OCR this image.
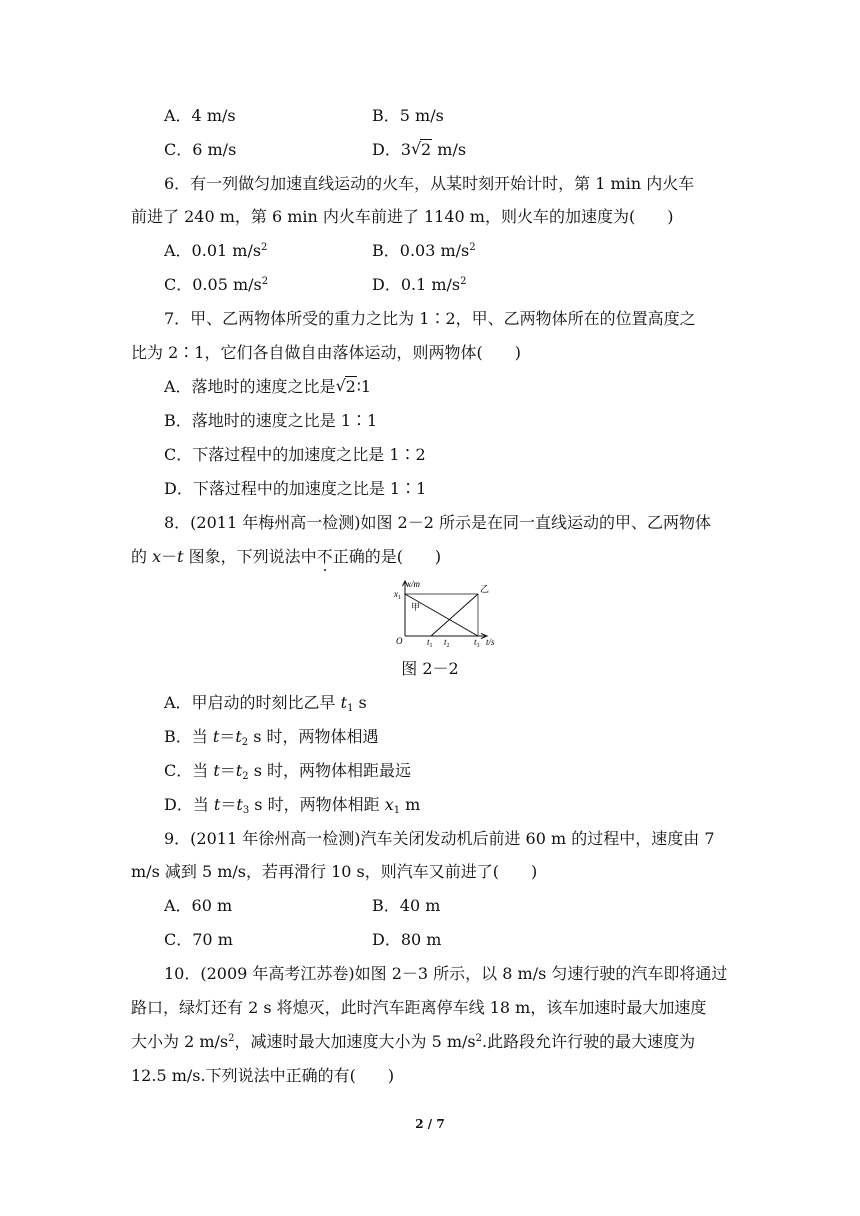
A．4 m/s	B．5 m/s
C．6 m/s	D．3 √ 2 m/s
6．有一列做匀加速直线运动的火车，从某时刻开始计时，第 1 min 内火车
前进了 240 m，第 6 min 内火车前进了 1140 m，则火车的加速度为(　　)
A．0.01 $m/s^2$	B．0.03 $m/s^2$
C．0.05 $m/s^2$	D．0.1 $m/s^2$
7．甲、乙两物体所受的重力之比为 1∶2，甲、乙两物体所在的位置高度之
比为 2∶1，它们各自做自由落体运动，则两物体(　　)
A．落地时的速度之比是 √ 2∶1
B．落地时的速度之比是 1∶1
C．下落过程中的加速度之比是 1∶2
D．下落过程中的加速度之比是 1∶1
8．(2011 年梅州高一检测)如图 2－2 所示是在同一直线运动的甲、乙两物体
的 x－t 图象，下列说法中不正确的是(　　)
x/m
$x_1$
甲
乙
O	$t_1$ $t_2$	$t_3$ t/s
图 2－2
A．甲启动的时刻比乙早 $t_1$ s
B．当 $t=t_2$ s 时，两物体相遇
C．当 $t=t_2$ s 时，两物体相距最远
D．当 $t=t_3$ s 时，两物体相距 $x_1$ m
9．(2011 年徐州高一检测)汽车关闭发动机后前进 60 m 的过程中，速度由 7
m/s 减到 5 m/s，若再滑行 10 s，则汽车又前进了(　　)
A．60 m	B．40 m
C．70 m	D．80 m
10．(2009 年高考江苏卷)如图 2－3 所示，以 8 m/s 匀速行驶的汽车即将通过
路口，绿灯还有 2 s 将熄灭，此时汽车距离停车线 18 m，该车加速时最大加速度
大小为 2 $m/s^2$，减速时最大加速度大小为 5 $m/s^2$.此路段允许行驶的最大速度为
12.5 m/s.下列说法中正确的有(　　)
2 / 7
